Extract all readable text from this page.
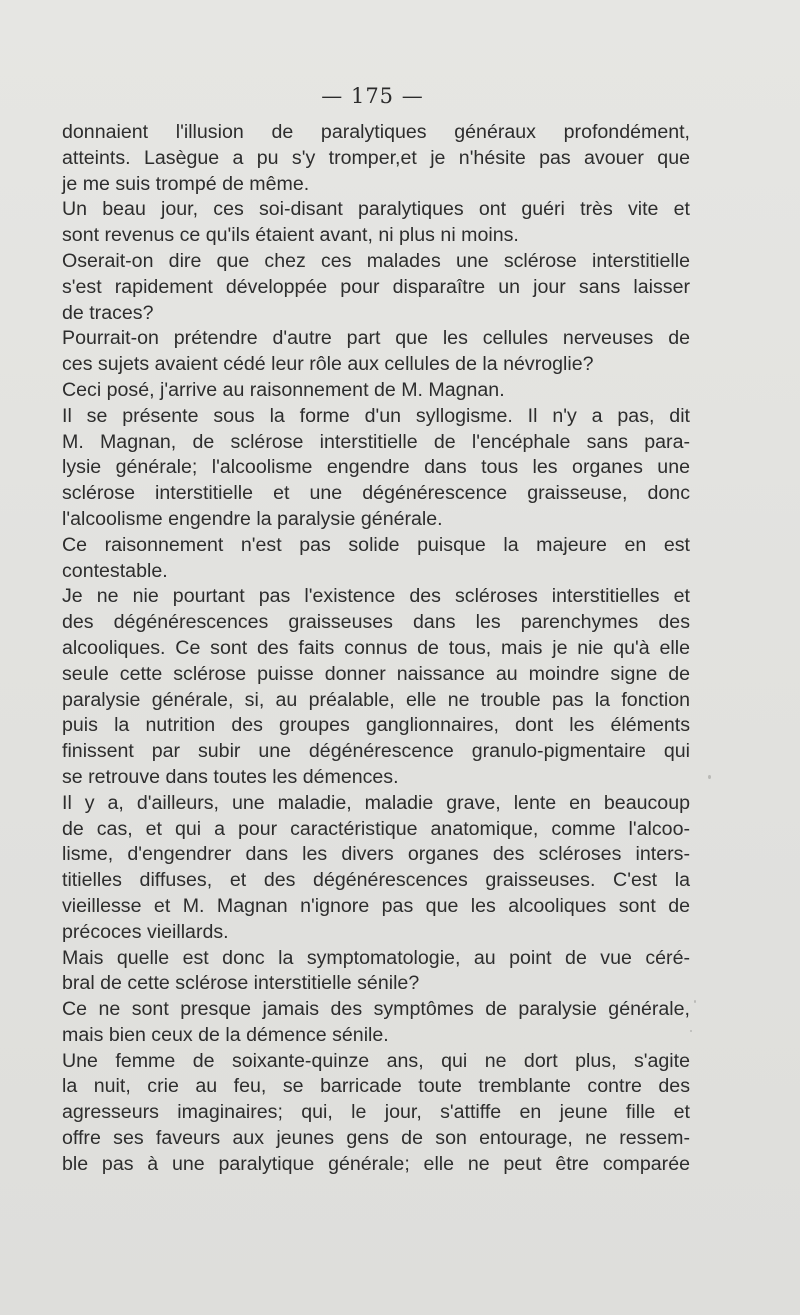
— 175 —
donnaient l'illusion de paralytiques généraux profondément,
atteints. Lasègue a pu s'y tromper,et je n'hésite pas avouer que
je me suis trompé de même.
Un beau jour, ces soi-disant paralytiques ont guéri très vite et
sont revenus ce qu'ils étaient avant, ni plus ni moins.
Oserait-on dire que chez ces malades une sclérose interstitielle
s'est rapidement développée pour disparaître un jour sans laisser
de traces?
Pourrait-on prétendre d'autre part que les cellules nerveuses de
ces sujets avaient cédé leur rôle aux cellules de la névroglie?
Ceci posé, j'arrive au raisonnement de M. Magnan.
Il se présente sous la forme d'un syllogisme. Il n'y a pas, dit
M. Magnan, de sclérose interstitielle de l'encéphale sans para-
lysie générale; l'alcoolisme engendre dans tous les organes une
sclérose interstitielle et une dégénérescence graisseuse, donc
l'alcoolisme engendre la paralysie générale.
Ce raisonnement n'est pas solide puisque la majeure en est
contestable.
Je ne nie pourtant pas l'existence des scléroses interstitielles et
des dégénérescences graisseuses dans les parenchymes des
alcooliques. Ce sont des faits connus de tous, mais je nie qu'à elle
seule cette sclérose puisse donner naissance au moindre signe de
paralysie générale, si, au préalable, elle ne trouble pas la fonction
puis la nutrition des groupes ganglionnaires, dont les éléments
finissent par subir une dégénérescence granulo-pigmentaire qui
se retrouve dans toutes les démences.
Il y a, d'ailleurs, une maladie, maladie grave, lente en beaucoup
de cas, et qui a pour caractéristique anatomique, comme l'alcoo-
lisme, d'engendrer dans les divers organes des scléroses inters-
titielles diffuses, et des dégénérescences graisseuses. C'est la
vieillesse et M. Magnan n'ignore pas que les alcooliques sont de
précoces vieillards.
Mais quelle est donc la symptomatologie, au point de vue céré-
bral de cette sclérose interstitielle sénile?
Ce ne sont presque jamais des symptômes de paralysie générale,
mais bien ceux de la démence sénile.
Une femme de soixante-quinze ans, qui ne dort plus, s'agite
la nuit, crie au feu, se barricade toute tremblante contre des
agresseurs imaginaires; qui, le jour, s'attiffe en jeune fille et
offre ses faveurs aux jeunes gens de son entourage, ne ressem-
ble pas à une paralytique générale; elle ne peut être comparée
